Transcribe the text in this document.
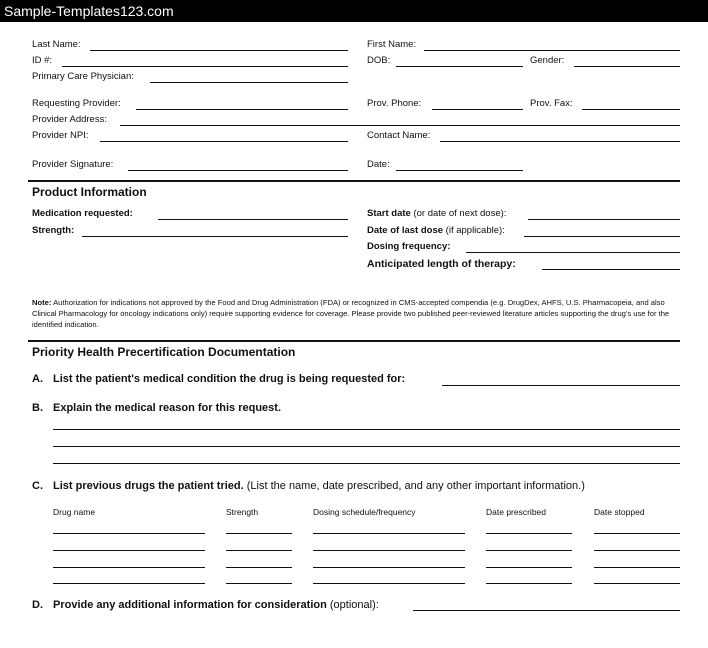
Sample-Templates123.com
Last Name:	First Name:
ID #:	DOB:	Gender:
Primary Care Physician:
Requesting Provider:	Prov. Phone:	Prov. Fax:
Provider Address:
Provider NPI:	Contact Name:
Provider Signature:	Date:
Product Information
Medication requested:	Start date (or date of next dose):
Strength:	Date of last dose (if applicable):
Dosing frequency:
Anticipated length of therapy:
Note: Authorization for indications not approved by the Food and Drug Administration (FDA) or recognized in CMS-accepted compendia (e.g. DrugDex, AHFS, U.S. Pharmacopeia, and also Clinical Pharmacology for oncology indications only) require supporting evidence for coverage. Please provide two published peer-reviewed literature articles supporting the drug's use for the identified indication.
Priority Health Precertification Documentation
A. List the patient's medical condition the drug is being requested for:
B. Explain the medical reason for this request.
C. List previous drugs the patient tried. (List the name, date prescribed, and any other important information.)
Drug name	Strength	Dosing schedule/frequency	Date prescribed	Date stopped
D. Provide any additional information for consideration (optional):
